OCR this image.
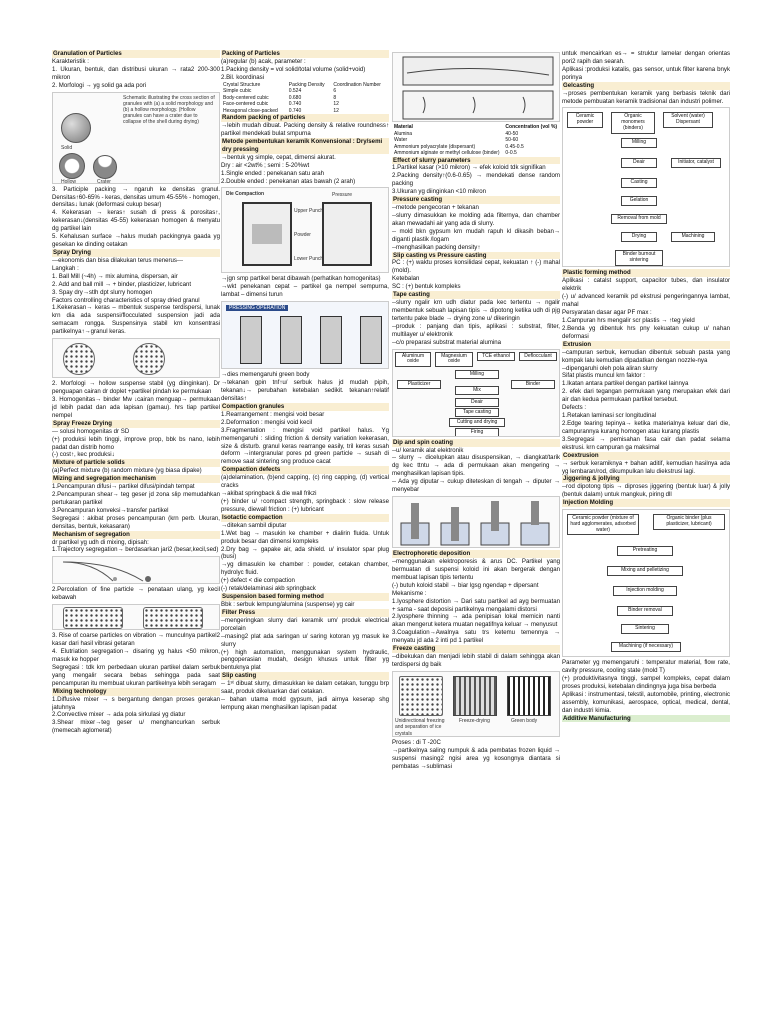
Granulation of Particles
Karakteristik :
1. Ukuran, bentuk, dan distribusi ukuran → rata2 200-300 mikron
2. Morfologi → yg solid ga ada pori
Schematic illustrating the cross section of granules with (a) a solid morphology and (b) a hollow morphology. (Hollow granules can have a crater due to collapse of the shell during drying)
Solid
Hollow	Crater
3. Participle packing → ngaruh ke densitas granul. Densitas↑60-65% - keras, densitas umum 45-55% - homogen, densitas↓ lunak (deformasi cukup besar)
4. Kekerasan → keras↑ susah di press & porositas↑, kekerasan↓(densitas 45-55) kekerasan homogen & menyatu dg partikel lain
5. Kehalusan surface →halus mudah packingnya gaada yg gesekan ke dinding cetakan
Spray Drying
---ekonomis dan bisa dilakukan terus menerus---
Langkah :
1. Ball Mill (~4h) → mix alumina, dispersan, air
2. Add and ball mill → + binder, plasticizer, lubricant
3. Spay dry→stlh dpt slurry homogen
Factors controlling characteristics of spray dried granul
1.Kekerasan→ keras – mbentuk suspense terdispersi, lunak krn dia ada suspensi/flocculated suspension jadi ada semacam rongga. Suspensinya stabil krn konsentrasi partikelnya↑→granul keras.
2. Morfologi → hollow suspense stabil (yg diinginkan). Dr penguapan cairan dr doplet +partikel pindah ke permukaan
3. Homogenitas→ binder Mw ↓cairan menguap→ permukaan jd lebih padat dan ada lapisan (gamau). hrs tiap partikel nempel
Spray Freeze Drying
--- solusi homogenitas dr SD
(+) produksi lebih tinggi, improve prop, bbk bs nano, lebih padat dan distrib homo
(-) cost↑, kec produksi↓
Mixture of particle solids
(a)Perfect mixture (b) random mixture (yg biasa dipake)
Mizing and segregation mechanism
1.Pencampuran difusi→ partikel difusi/pindah tempat
2.Pencampuran shear→ teg geser jd zona slip memudahkan pertukaran partikel
3.Pencampuran konveksi→transfer partikel
Segregasi : akibat proses pencampuran (krn perb. Ukuran, densitas, bentuk, kekasaran)
Mechanism of segregation
dr partikel yg udh di mixing, dipisah:
1.Trajectory segregation→ berdasarkan jari2 (besar,kecil,sed)
2.Percolation of fine particle → penataan ulang, yg kecil kebawah
3. Rise of coarse particles on vibration → munculnya partikel2 kasar dari hasil vibrasi getaran
4. Elutriation segregation→ disaring yg halus <50 mikron, masuk ke hopper
Segregasi : tdk krn perbedaan ukuran partikel dalam serbuk yang mengalir secara bebas sehingga pada saat pencampuran itu membuat ukuran partikelnya lebih seragam
Mixing technology
1.Diffusive mixer → s bergantung dengan proses gerakan jatuhnya
2.Convective mixer → ada pola sirkulasi yg diatur
3.Shear mixer→teg geser u/ menghancurkan serbuk (memecah aglomerat)
Packing of Particles
(a)regular (b) acak, parameter :
1.Packing density = vol solid/total volume (solid+void)
2.Bil. koordinasi
Crystal Structure	Packing Density	Coordination Number
Simple cubic	0.524	6
Body-centered cubic	0.680	8
Face-centered cubic	0.740	12
Hexagonal close-packed	0.740	12
Random packing of particles
→lebih mudah dibuat. Packing density & relative roundness↑ partikel mendekati bulat smpurna
Metode pembentukan keramik Konvensional : Dry/semi dry pressing
→bentuk yg simple, cepat, dimensi akurat.
Dry : air <2wt% ; semi : 5-20%wt
1.Single ended : penekanan satu arah
2.Double ended : penekanan atas bawah (2 arah)
Die Compaction
Upper Punch
Powder
Lower Punch
Pressure
→jgn smp partikel berat dibawah (perhatikan homogenitas)
→wkt penekanan cepat – partikel ga nempel sempurna, lambat – dimensi turun
PRESSING OPERATION
→dies memengaruhi green body
→tekanan gpin tnf↑u/ serbuk halus jd mudah pipih, tekanan↓→ perubahan ketebalan sedikit. tekanan↑relatif densitas↑
Compaction granules
1.Rearrangement : mengisi void besar
2.Deformation : mengisi void kecil
3.Fragmentation : mengisi void partikel halus. Yg memengaruhi : sliding friction & density variation kekerasan, size & disturb. granul keras rearrange easily, tril keras susah deform →intergranular pores pd green particle → susah di remove saat sintering sng produce cacat
Compaction defects
(a)delamination, (b)end capping, (c) ring capping, (d) vertical cracks
→akibat springback & die wall frikzi
(+) binder u/ ↑compact strength, springback : slow release pressure, diewall friction : (+) lubricant
Isotactic compaction
→ditekan sambil diputar
1.Wet bag → masukin ke chamber + dialirin fluida. Untuk produk besar dan dimensi kompleks
2.Dry bag → gapake air, ada shield. u/ insulator spar plug (busi)
→yg dimasukin ke chamber : powder, cetakan chamber, hydrolyc fluid.
(+) defect < die compaction
(-) retak/delaminasi akb springback
Suspension based forming method
Bbk : serbuk lempung/alumina (suspense) yg cair
Filter Press
--mengeringkan slurry dari keramik um/ produk electrical porcelain
--masing2 plat ada saringan u/ saring kotoran yg masuk ke slurry
(+) high automation, menggunakan system hydraulic, pengoperasian mudah, design khusus untuk filter yg bentuknya plat
Slip casting
-- 1ˢᵗ dibuat slurry, dimasukkan ke dalam cetakan, tunggu brp saat, produk dikeluarkan dari cetakan.
-- bahan utama mold gypsum, jadi airnya keserap shg lempung akan menghasilkan lapisan padat
Material	Concentration (vol %)
Alumina	40-50
Water	50-60
Ammonium polyacrylate (dispersant)	0.45-0.5
Ammonium alginate or methyl cellulose (binder)	0-0.5
Effect of slurry parameters
1.Partikel kasar (>10 mikron) → efek koloid tdk signifikan
2.Packing density↑(0.6-0.65) → mendekati dense random packing
3.Ukuran yg diinginkan <10 mikron
Pressure casting
--metode pengecoran + tekanan
--slurry dimasukkan ke molding ada filternya, dan chamber akan mewadahi air yang ada di slurry.
-- mold bkn gypsum krn mudah rapuh kl dikasih beban→ diganti plastik /logam
--menghasilkan packing density↑
Slip casting vs Pressure casting
PC : (+) waktu proses konsilidasi cepat, kekuatan ↑ (-) mahal (mold).
Ketebalan
SC : (+) bentuk kompleks
Tape casting
--slurry ngalir krn udh diatur pada kec tertentu → ngalir membentuk sebuah lapisan tipis → dipotong ketika udh di pjg tertentu pake blade → drying zone u/ dikeringin
--produk : panjang dan tipis, aplikasi : substrat, filter, multilayer u/ elektronik
--c/o preparasi substrat material alumina
Aluminum oxide
Magnesium oxide
TCE ethanol	Deflocculant
Milling
Plasticizer	Binder
Mix
Deair
Tape casting
Cutting and drying
Firing
Dip and spin coating
--u/ keramik alat elektronik
-- slurry → dicelupkan atau disuspensikan, → diangkat/tarik dg kec ttntu → ada di permukaan akan mengering → menghasilkan lapisan tipis.
-- Ada yg diputar→ cukup diteteskan di tengah → diputer → menyebar
Electrophoretic deposition
--menggunakan elektroporesis & arus DC. Partikel yang bermuatan di suspensi koloid ini akan bergerak dengan membuat lapisan tipis tertentu
(-) butuh koloid stabil → biar lgsg ngendap + dipersant
Mekanisme :
1.Iyosphere distortion → Dari satu partikel ad ayg bermuatan + sama - saat deposisi partikelnya mengalami distorsi
2.Iyosphere thinning → ada penipisan lokal memicin nanti akan mengerut ketera muatan negatifnya keluar → menyusut
3.Coagulation→Awalnya satu trs ketemu temennya → menyatu jd ada 2 inti pd 1 partikel
Freeze casting
--dibekukan dan menjadi lebih stabil di dalam sehingga akan terdispersi dg baik
Unidirectional freezing and separation of ice crystals
Freeze-drying	Green body
Proses : di T -20C
→partikelnya saling numpuk & ada pembatas frozen liquid → suspensi masing2 ngisi area yg kosongnya diantara si pembatas →sublimasi
untuk mencairkan es→ = struktur lamelar dengan orientas pori2 rapih dan searah.
Aplikasi :produksi katalis, gas sensor, untuk filter karena bnyk porinya
Gelcasting
→proses pembentukan keramik yang berbasis teknik dari metode pembuatan keramik tradisional dan industri polimer.
Ceramic powder
Organic monomers (binders)
Solvent (water) Dispersant
Milling
Deair	Initiator, catalyst
Casting
Gelation
Removal from mold
Drying	Machining
Binder burnout sintering
Plastic forming method
Aplikasi : catalst support, capacitor tubes, dan insulator elektrik
(-) u/ advanced keramik pd ekstrusi pengeringannya lambat, mahal
Persyaratan dasar agar PF max :
1.Campuran hrs mengalir scr plastis → ↑teg yield
2.Benda yg dibentuk hrs pny kekuatan cukup u/ nahan deformasi
Extrusion
--campuran serbuk, kemudian dibentuk sebuah pasta yang kompak lalu kemudian dipadatkan dengan nozzle-nya
--dipengaruhi oleh pola aliran slurry
Sifat plastis muncul krn faktor :
1.Ikatan antara partikel dengan partikel lainnya
2. efek dari tegangan permukaan yang merupakan efek dari air dan kedua permukaan partikel tersebut.
Defects :
1.Retakan laminasi scr longitudinal
2.Edge tearing tepinya→ ketika materialnya keluar dari die, campurannya kurang homogen atau kurang plastis
3.Segregasi → pemisahan fasa cair dan padat selama ekstrusi. krn campuran ga maksimal
Coextrusion
→ serbuk keramiknya + bahan aditif, kemudian hasilnya ada yg lembaran/rod, dikumpulkan lalu diekstrusi lagi.
Jiggering & jollying
--rod dipotong tipis → diproses jiggering (bentuk luar) & jolly (bentuk dalam) untuk mangkuk, piring dll
Injection Molding
Ceramic powder (mixture of hard agglomerates, adsorbed water)
Organic binder (plus plasticizer, lubricant)
Pretreating
Mixing and pelletizing
Injection molding
Binder removal
Sintering
Machining (if necessary)
Parameter yg memengaruhi : temperatur material, flow rate, cavity pressure, cooling state (mold T)
(+) produktivitasnya tinggi, sampel kompleks, cepat dalam proses produksi, ketebalan dindingnya juga bisa berbeda
Aplikasi : instrumentasi, tekstil, automobile, printing, electronic assembly, komunikasi, aerospace, optical, medical, dental, dan industri kimia.
Additive Manufacturing
